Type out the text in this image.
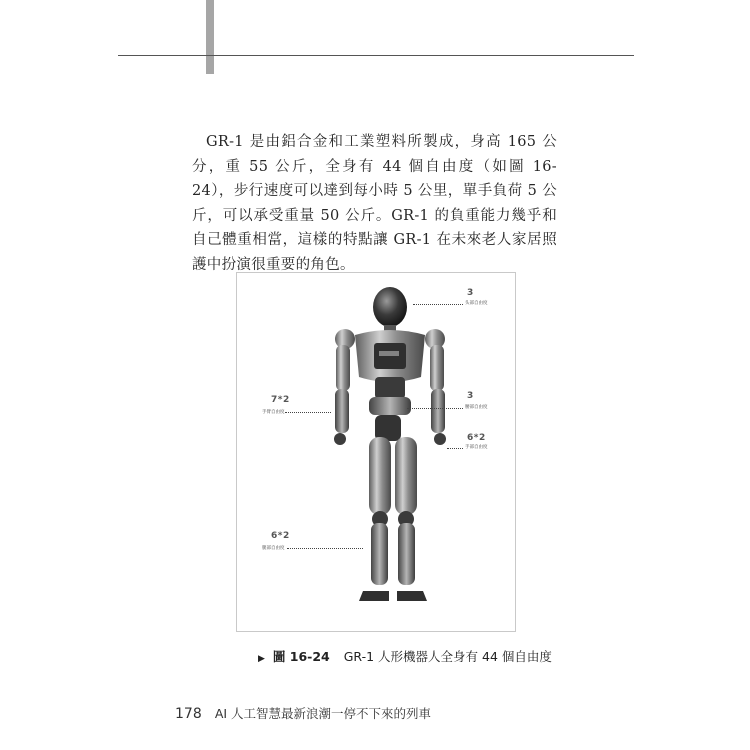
GR-1 是由鋁合金和工業塑料所製成，身高 165 公分，重 55 公斤，全身有 44 個自由度（如圖 16-24），步行速度可以達到每小時 5 公里，單手負荷 5 公斤，可以承受重量 50 公斤。GR-1 的負重能力幾乎和自己體重相當，這樣的特點讓 GR-1 在未來老人家居照護中扮演很重要的角色。

3
头部自由度
7*2
手臂自由度
3
腰部自由度
6*2
手部自由度
6*2
腿部自由度
▶ 圖 16-24 GR-1 人形機器人全身有 44 個自由度
178 AI 人工智慧最新浪潮一停不下來的列車
